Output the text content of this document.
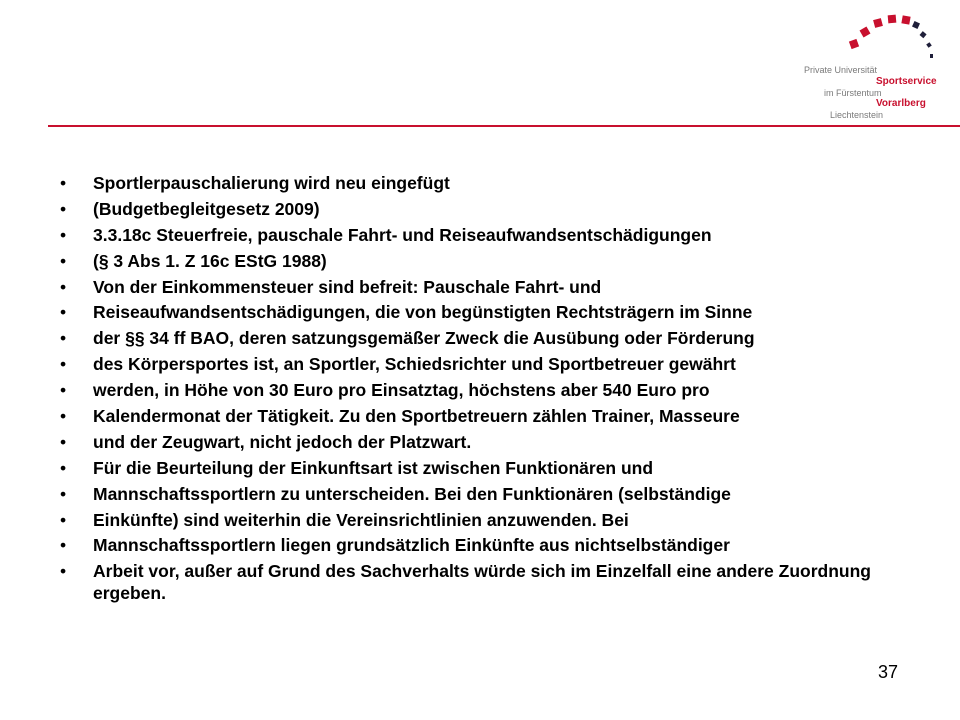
Private Universität
Sportservice
im Fürstentum
Vorarlberg
Liechtenstein
• Sportlerpauschalierung wird neu eingefügt
• (Budgetbegleitgesetz 2009)
• 3.3.18c Steuerfreie, pauschale Fahrt- und Reiseaufwandsentschädigungen
• (§ 3 Abs 1. Z 16c EStG 1988)
• Von der Einkommensteuer sind befreit: Pauschale Fahrt- und
• Reiseaufwandsentschädigungen, die von begünstigten Rechtsträgern im Sinne
• der §§ 34 ff BAO, deren satzungsgemäßer Zweck die Ausübung oder Förderung
• des Körpersportes ist, an Sportler, Schiedsrichter und Sportbetreuer gewährt
• werden, in Höhe von 30 Euro pro Einsatztag, höchstens aber 540 Euro pro
• Kalendermonat der Tätigkeit. Zu den Sportbetreuern zählen Trainer, Masseure
• und der Zeugwart, nicht jedoch der Platzwart.
• Für die Beurteilung der Einkunftsart ist zwischen Funktionären und
• Mannschaftssportlern zu unterscheiden. Bei den Funktionären (selbständige
• Einkünfte) sind weiterhin die Vereinsrichtlinien anzuwenden. Bei
• Mannschaftssportlern liegen grundsätzlich Einkünfte aus nichtselbständiger
• Arbeit vor, außer auf Grund des Sachverhalts würde sich im Einzelfall eine andere Zuordnung ergeben.
37
